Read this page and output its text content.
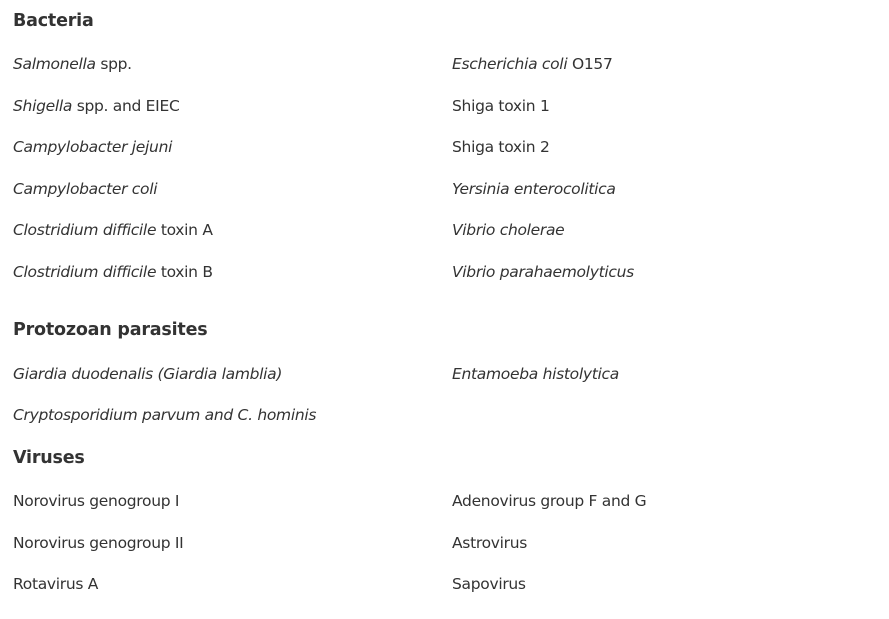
Bacteria
Salmonella spp.
Shigella spp. and EIEC
Campylobacter jejuni
Campylobacter coli
Clostridium difficile toxin A
Clostridium difficile toxin B
Escherichia coli O157
Shiga toxin 1
Shiga toxin 2
Yersinia enterocolitica
Vibrio cholerae
Vibrio parahaemolyticus
Protozoan parasites
Giardia duodenalis (Giardia lamblia)
Cryptosporidium parvum and C. hominis
Entamoeba histolytica
Viruses
Norovirus genogroup I
Norovirus genogroup II
Rotavirus A
Adenovirus group F and G
Astrovirus
Sapovirus
